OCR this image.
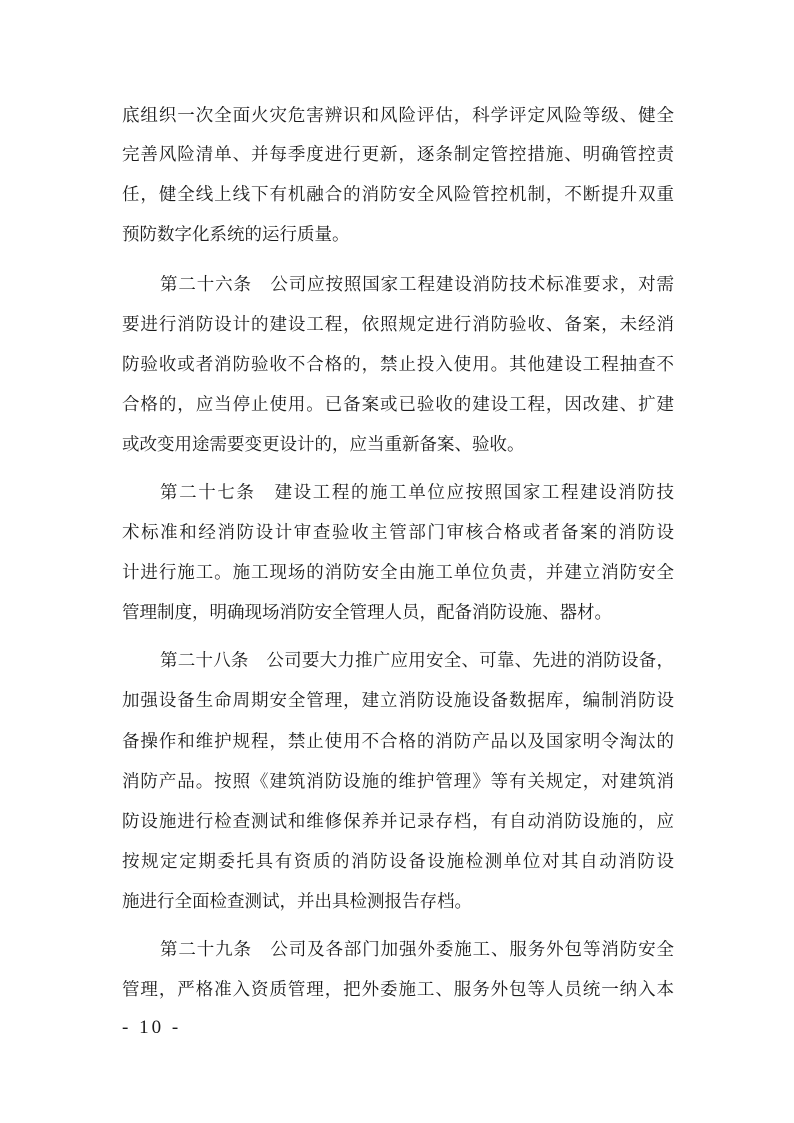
底组织一次全面火灾危害辨识和风险评估，科学评定风险等级、健全
完善风险清单、并每季度进行更新，逐条制定管控措施、明确管控责
任，健全线上线下有机融合的消防安全风险管控机制，不断提升双重
预防数字化系统的运行质量。
第二十六条　公司应按照国家工程建设消防技术标准要求，对需
要进行消防设计的建设工程，依照规定进行消防验收、备案，未经消
防验收或者消防验收不合格的，禁止投入使用。其他建设工程抽查不
合格的，应当停止使用。已备案或已验收的建设工程，因改建、扩建
或改变用途需要变更设计的，应当重新备案、验收。
第二十七条　建设工程的施工单位应按照国家工程建设消防技
术标准和经消防设计审查验收主管部门审核合格或者备案的消防设
计进行施工。施工现场的消防安全由施工单位负责，并建立消防安全
管理制度，明确现场消防安全管理人员，配备消防设施、器材。
第二十八条　公司要大力推广应用安全、可靠、先进的消防设备，
加强设备生命周期安全管理，建立消防设施设备数据库，编制消防设
备操作和维护规程，禁止使用不合格的消防产品以及国家明令淘汰的
消防产品。按照《建筑消防设施的维护管理》等有关规定，对建筑消
防设施进行检查测试和维修保养并记录存档，有自动消防设施的，应
按规定定期委托具有资质的消防设备设施检测单位对其自动消防设
施进行全面检查测试，并出具检测报告存档。
第二十九条　公司及各部门加强外委施工、服务外包等消防安全
管理，严格准入资质管理，把外委施工、服务外包等人员统一纳入本
- 10 -
